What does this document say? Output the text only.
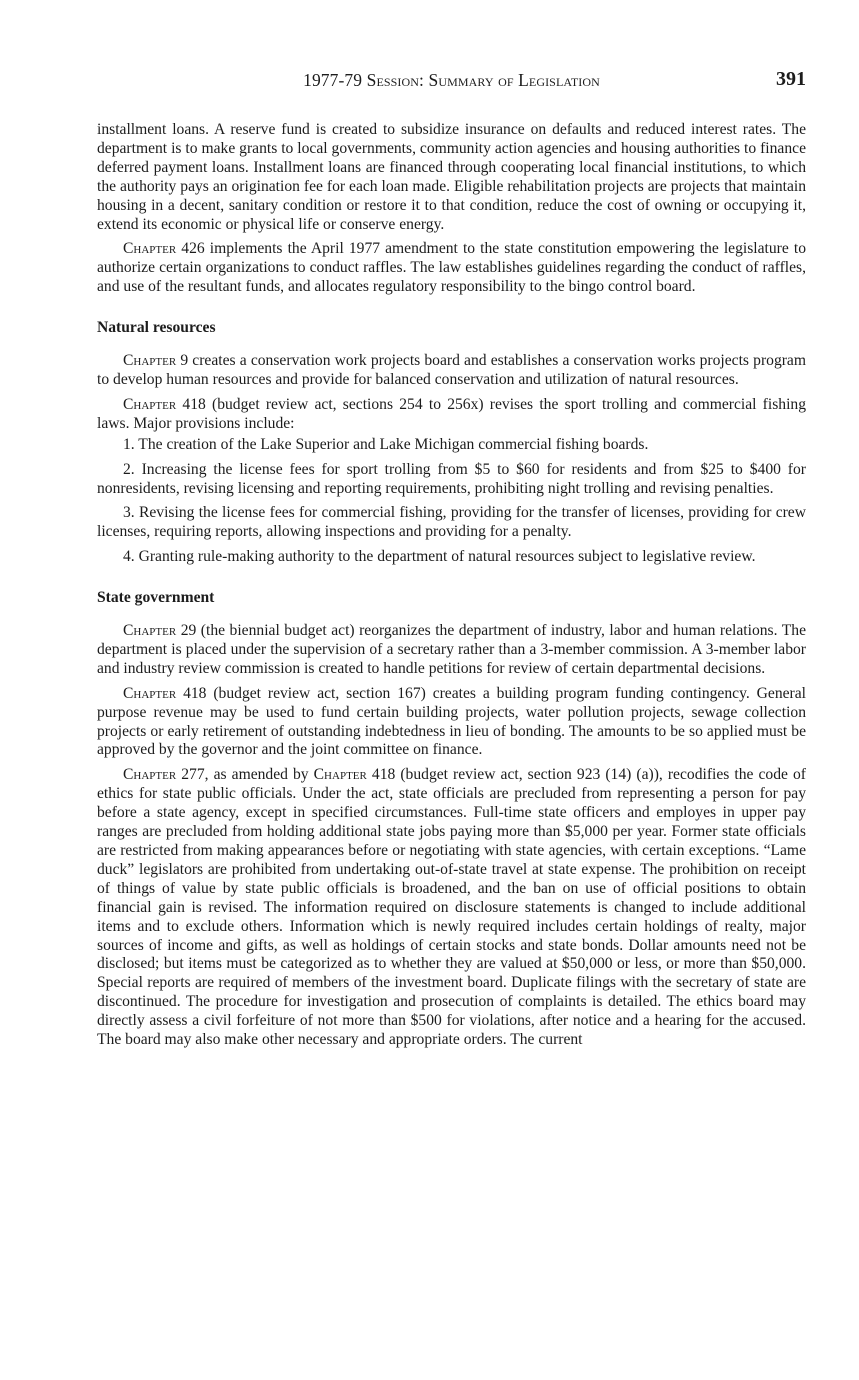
1977-79 Session: Summary of Legislation	391

installment loans. A reserve fund is created to subsidize insurance on defaults and reduced interest rates. The department is to make grants to local governments, community action agencies and housing authorities to finance deferred payment loans. Installment loans are financed through cooperating local financial institutions, to which the authority pays an origination fee for each loan made. Eligible rehabilitation projects are projects that maintain housing in a decent, sanitary condition or restore it to that condition, reduce the cost of owning or occupying it, extend its economic or physical life or conserve energy.

Chapter 426 implements the April 1977 amendment to the state constitution empowering the legislature to authorize certain organizations to conduct raffles. The law establishes guidelines regarding the conduct of raffles, and use of the resultant funds, and allocates regulatory responsibility to the bingo control board.

Natural resources

Chapter 9 creates a conservation work projects board and establishes a conservation works projects program to develop human resources and provide for balanced conservation and utilization of natural resources.

Chapter 418 (budget review act, sections 254 to 256x) revises the sport trolling and commercial fishing laws. Major provisions include:

1. The creation of the Lake Superior and Lake Michigan commercial fishing boards.

2. Increasing the license fees for sport trolling from $5 to $60 for residents and from $25 to $400 for nonresidents, revising licensing and reporting requirements, prohibiting night trolling and revising penalties.

3. Revising the license fees for commercial fishing, providing for the transfer of licenses, providing for crew licenses, requiring reports, allowing inspections and providing for a penalty.

4. Granting rule-making authority to the department of natural resources subject to legislative review.

State government

Chapter 29 (the biennial budget act) reorganizes the department of industry, labor and human relations. The department is placed under the supervision of a secretary rather than a 3-member commission. A 3-member labor and industry review commission is created to handle petitions for review of certain departmental decisions.

Chapter 418 (budget review act, section 167) creates a building program funding contingency. General purpose revenue may be used to fund certain building projects, water pollution projects, sewage collection projects or early retirement of outstanding indebtedness in lieu of bonding. The amounts to be so applied must be approved by the governor and the joint committee on finance.

Chapter 277, as amended by Chapter 418 (budget review act, section 923 (14) (a)), recodifies the code of ethics for state public officials. Under the act, state officials are precluded from representing a person for pay before a state agency, except in specified circumstances. Full-time state officers and employes in upper pay ranges are precluded from holding additional state jobs paying more than $5,000 per year. Former state officials are restricted from making appearances before or negotiating with state agencies, with certain exceptions. “Lame duck” legislators are prohibited from undertaking out-of-state travel at state expense. The prohibition on receipt of things of value by state public officials is broadened, and the ban on use of official positions to obtain financial gain is revised. The information required on disclosure statements is changed to include additional items and to exclude others. Information which is newly required includes certain holdings of realty, major sources of income and gifts, as well as holdings of certain stocks and state bonds. Dollar amounts need not be disclosed; but items must be categorized as to whether they are valued at $50,000 or less, or more than $50,000. Special reports are required of members of the investment board. Duplicate filings with the secretary of state are discontinued. The procedure for investigation and prosecution of complaints is detailed. The ethics board may directly assess a civil forfeiture of not more than $500 for violations, after notice and a hearing for the accused. The board may also make other necessary and appropriate orders. The current
